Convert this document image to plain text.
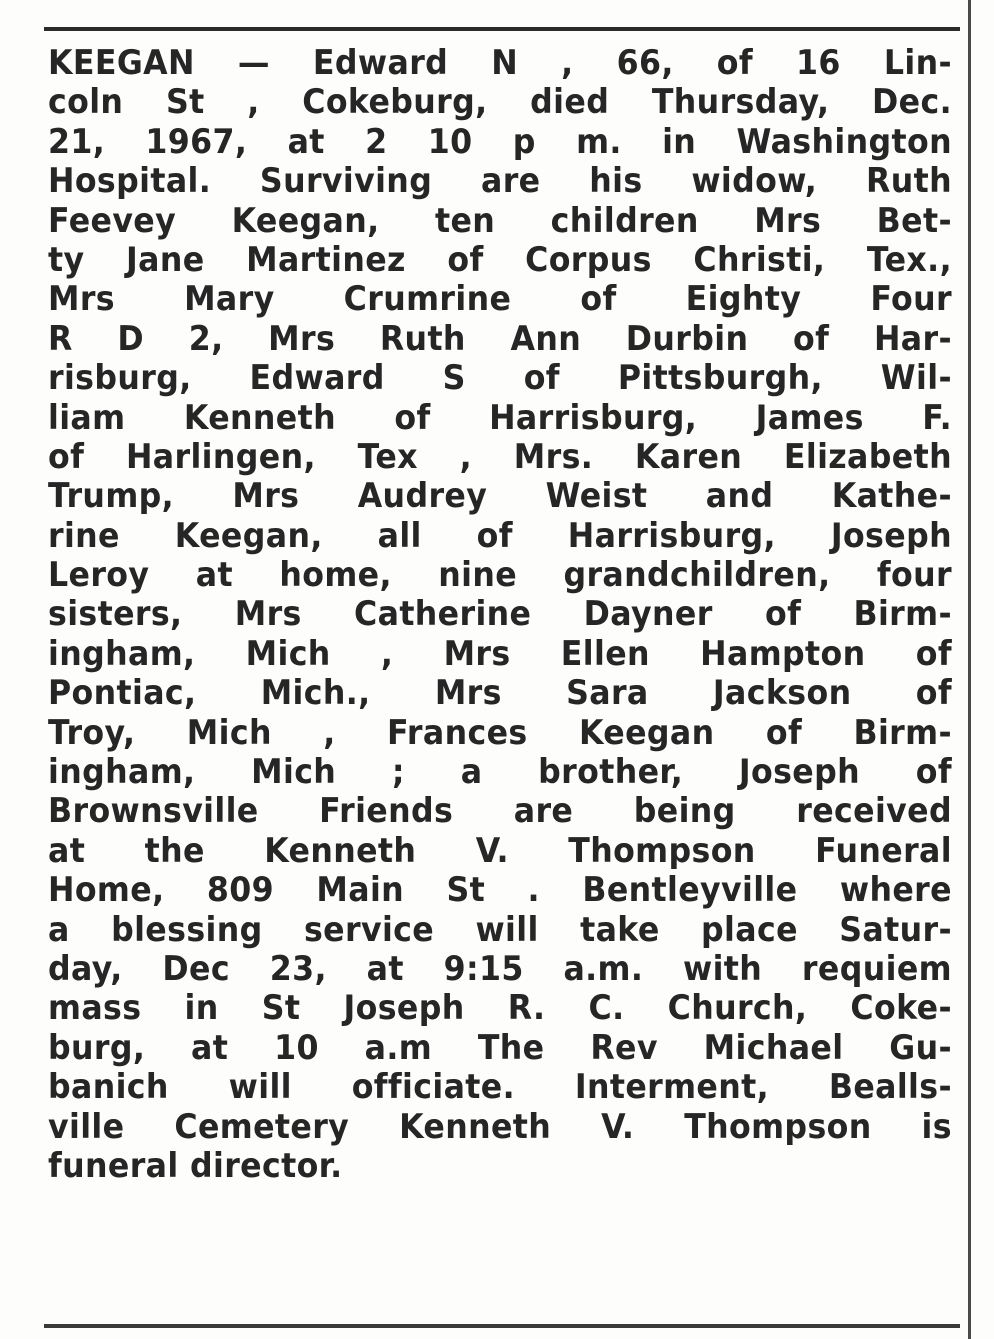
KEEGAN — Edward N , 66, of 16 Lin-
coln St , Cokeburg, died Thursday, Dec.
21, 1967, at 2 10 p m. in Washington
Hospital. Surviving are his widow, Ruth
Feevey Keegan, ten children Mrs Bet-
ty Jane Martinez of Corpus Christi, Tex.,
Mrs Mary Crumrine of Eighty Four
R D 2, Mrs Ruth Ann Durbin of Har-
risburg, Edward S of Pittsburgh, Wil-
liam Kenneth of Harrisburg, James F.
of Harlingen, Tex , Mrs. Karen Elizabeth
Trump, Mrs Audrey Weist and Kathe-
rine Keegan, all of Harrisburg, Joseph
Leroy at home, nine grandchildren, four
sisters, Mrs Catherine Dayner of Birm-
ingham, Mich , Mrs Ellen Hampton of
Pontiac, Mich., Mrs Sara Jackson of
Troy, Mich , Frances Keegan of Birm-
ingham, Mich ; a brother, Joseph of
Brownsville Friends are being received
at the Kenneth V. Thompson Funeral
Home, 809 Main St . Bentleyville where
a blessing service will take place Satur-
day, Dec 23, at 9:15 a.m. with requiem
mass in St Joseph R. C. Church, Coke-
burg, at 10 a.m The Rev Michael Gu-
banich will officiate. Interment, Bealls-
ville Cemetery Kenneth V. Thompson is
funeral director.
